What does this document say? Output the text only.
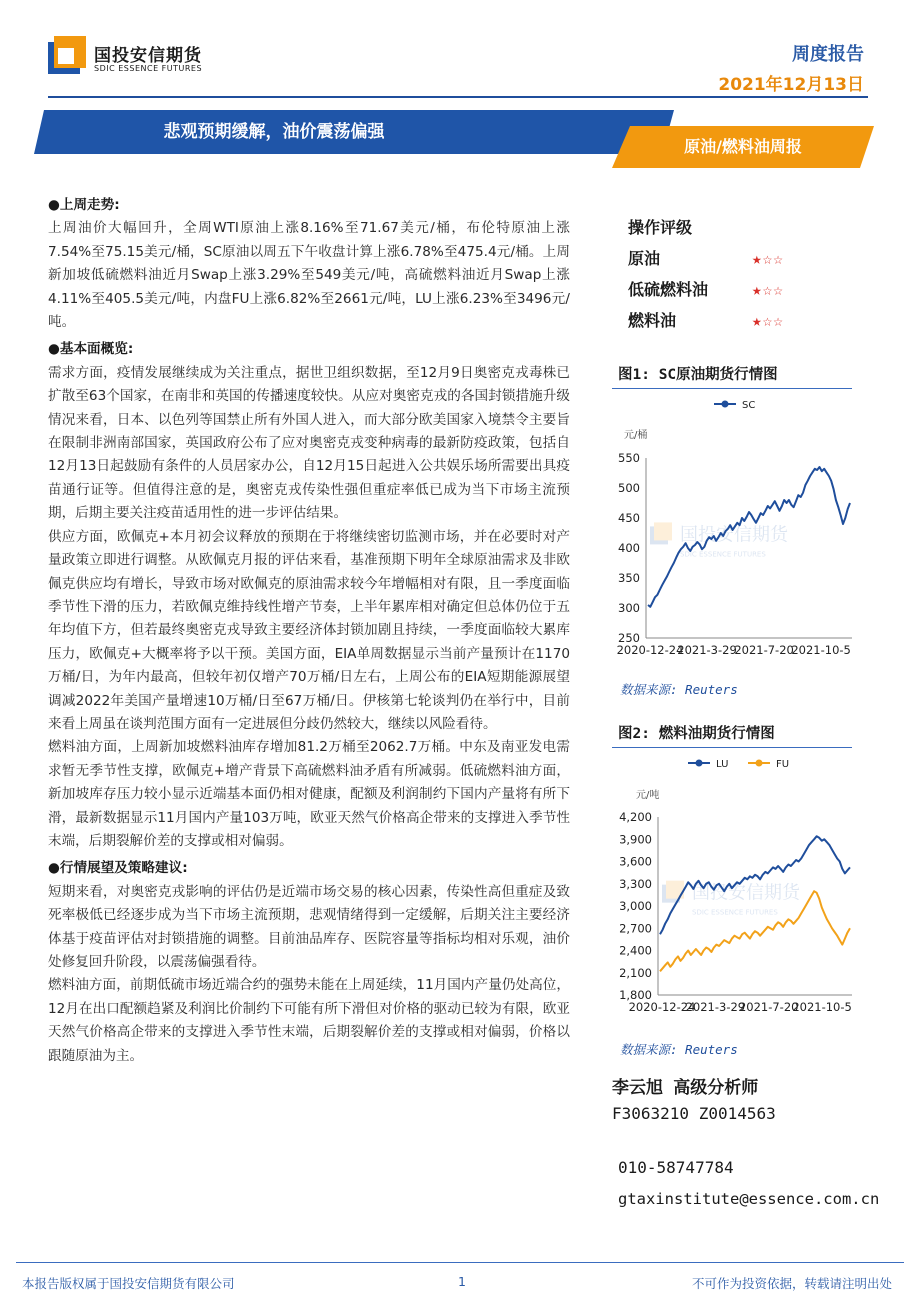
国投安信期货
SDIC ESSENCE FUTURES
周度报告
2021年12月13日
悲观预期缓解，油价震荡偏强
原油/燃料油周报
●上周走势:

上周油价大幅回升，全周WTI原油上涨8.16%至71.67美元/桶，布伦特原油上涨7.54%至75.15美元/桶，SC原油以周五下午收盘计算上涨6.78%至475.4元/桶。上周新加坡低硫燃料油近月Swap上涨3.29%至549美元/吨，高硫燃料油近月Swap上涨4.11%至405.5美元/吨，内盘FU上涨6.82%至2661元/吨，LU上涨6.23%至3496元/吨。

●基本面概览:

需求方面，疫情发展继续成为关注重点，据世卫组织数据，至12月9日奥密克戎毒株已扩散至63个国家，在南非和英国的传播速度较快。从应对奥密克戎的各国封锁措施升级情况来看，日本、以色列等国禁止所有外国人进入，而大部分欧美国家入境禁令主要旨在限制非洲南部国家，英国政府公布了应对奥密克戎变种病毒的最新防疫政策，包括自12月13日起鼓励有条件的人员居家办公，自12月15日起进入公共娱乐场所需要出具疫苗通行证等。但值得注意的是，奥密克戎传染性强但重症率低已成为当下市场主流预期，后期主要关注疫苗适用性的进一步评估结果。

供应方面，欧佩克+本月初会议释放的预期在于将继续密切监测市场，并在必要时对产量政策立即进行调整。从欧佩克月报的评估来看，基准预期下明年全球原油需求及非欧佩克供应均有增长，导致市场对欧佩克的原油需求较今年增幅相对有限，且一季度面临季节性下滑的压力，若欧佩克维持线性增产节奏，上半年累库相对确定但总体仍位于五年均值下方，但若最终奥密克戎导致主要经济体封锁加剧且持续，一季度面临较大累库压力，欧佩克+大概率将予以干预。美国方面，EIA单周数据显示当前产量预计在1170万桶/日，为年内最高，但较年初仅增产70万桶/日左右，上周公布的EIA短期能源展望调减2022年美国产量增速10万桶/日至67万桶/日。伊核第七轮谈判仍在举行中，目前来看上周虽在谈判范围方面有一定进展但分歧仍然较大，继续以风险看待。

燃料油方面，上周新加坡燃料油库存增加81.2万桶至2062.7万桶。中东及南亚发电需求暂无季节性支撑，欧佩克+增产背景下高硫燃料油矛盾有所减弱。低硫燃料油方面，新加坡库存压力较小显示近端基本面仍相对健康，配额及利润制约下国内产量将有所下滑，最新数据显示11月国内产量103万吨，欧亚天然气价格高企带来的支撑进入季节性末端，后期裂解价差的支撑或相对偏弱。

●行情展望及策略建议:

短期来看，对奥密克戎影响的评估仍是近端市场交易的核心因素，传染性高但重症及致死率极低已经逐步成为当下市场主流预期，悲观情绪得到一定缓解，后期关注主要经济体基于疫苗评估对封锁措施的调整。目前油品库存、医院容量等指标均相对乐观，油价处修复回升阶段，以震荡偏强看待。

燃料油方面，前期低硫市场近端合约的强势未能在上周延续，11月国内产量仍处高位，12月在出口配额趋紧及利润比价制约下可能有所下滑但对价格的驱动已较为有限，欧亚天然气价格高企带来的支撑进入季节性末端，后期裂解价差的支撑或相对偏弱，价格以跟随原油为主。

操作评级
原油	★☆☆
低硫燃料油	★☆☆
燃料油	★☆☆
图1: SC原油期货行情图
SC
元/桶
国投安信期货
SDIC ESSENCE FUTURES
550
500
450
400
350
300
250
2020-12-24
2021-3-29
2021-7-20
2021-10-5
数据来源: Reuters
图2: 燃料油期货行情图
LU	FU
元/吨
国投安信期货
SDIC ESSENCE FUTURES
4,200
3,900
3,600
3,300
3,000
2,700
2,400
2,100
1,800
2020-12-24
2021-3-29
2021-7-20
2021-10-5
数据来源: Reuters
李云旭 高级分析师
F3063210 Z0014563
010-58747784
gtaxinstitute@essence.com.cn
本报告版权属于国投安信期货有限公司	1	不可作为投资依据，转载请注明出处
